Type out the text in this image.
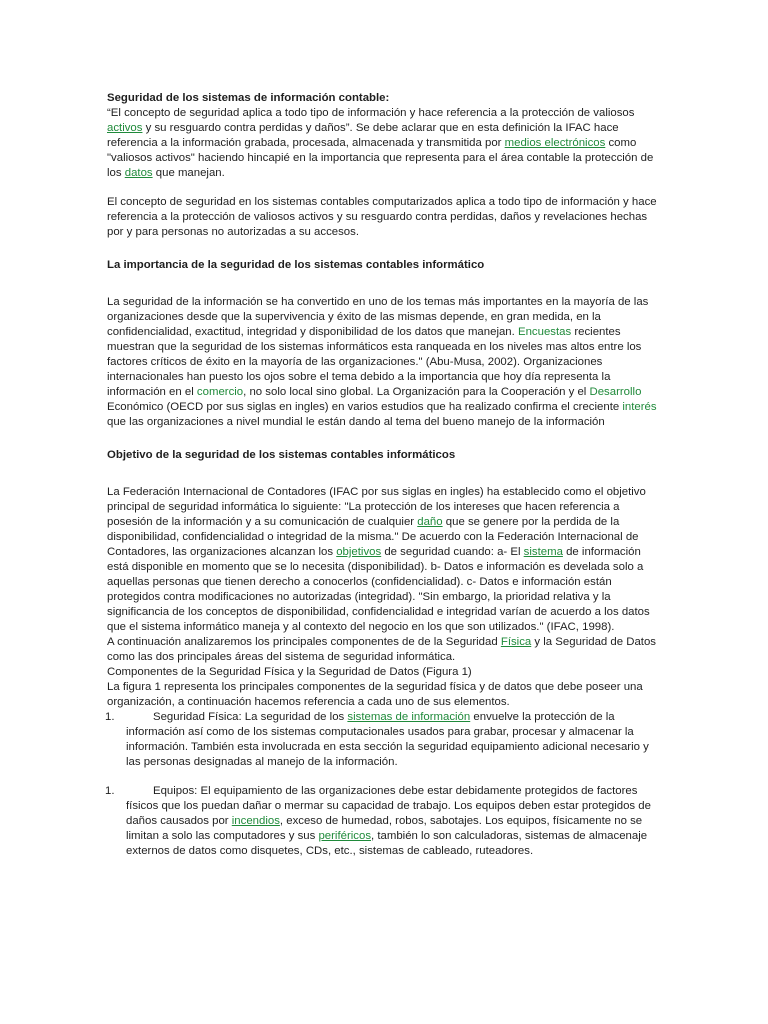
Seguridad de los sistemas de información contable:

“El concepto de seguridad aplica a todo tipo de información y hace referencia a la protección de valiosos activos y su resguardo contra perdidas y daños”. Se debe aclarar que en esta definición la IFAC hace referencia a la información grabada, procesada, almacenada y transmitida por medios electrónicos como "valiosos activos" haciendo hincapié en la importancia que representa para el área contable la protección de los datos que manejan.

El concepto de seguridad en los sistemas contables computarizados aplica a todo tipo de información y hace referencia a la protección de valiosos activos y su resguardo contra perdidas, daños y revelaciones hechas por y para personas no autorizadas a su accesos.

La importancia de la seguridad de los sistemas contables informático

La seguridad de la información se ha convertido en uno de los temas más importantes en la mayoría de las organizaciones desde que la supervivencia y éxito de las mismas depende, en gran medida, en la confidencialidad, exactitud, integridad y disponibilidad de los datos que manejan. Encuestas recientes muestran que la seguridad de los sistemas informáticos esta ranqueada en los niveles mas altos entre los factores críticos de éxito en la mayoría de las organizaciones." (Abu-Musa, 2002). Organizaciones internacionales han puesto los ojos sobre el tema debido a la importancia que hoy día representa la información en el comercio, no solo local sino global. La Organización para la Cooperación y el Desarrollo Económico (OECD por sus siglas en ingles) en varios estudios que ha realizado confirma el creciente interés que las organizaciones a nivel mundial le están dando al tema del bueno manejo de la información

Objetivo de la seguridad de los sistemas contables informáticos

La Federación Internacional de Contadores (IFAC por sus siglas en ingles) ha establecido como el objetivo principal de seguridad informática lo siguiente: "La protección de los intereses que hacen referencia a posesión de la información y a su comunicación de cualquier daño que se genere por la perdida de la disponibilidad, confidencialidad o integridad de la misma." De acuerdo con la Federación Internacional de Contadores, las organizaciones alcanzan los objetivos de seguridad cuando: a- El sistema de información está disponible en momento que se lo necesita (disponibilidad). b- Datos e información es develada solo a aquellas personas que tienen derecho a conocerlos (confidencialidad). c- Datos e información están protegidos contra modificaciones no autorizadas (integridad). "Sin embargo, la prioridad relativa y la significancia de los conceptos de disponibilidad, confidencialidad e integridad varían de acuerdo a los datos que el sistema informático maneja y al contexto del negocio en los que son utilizados." (IFAC, 1998).

A continuación analizaremos los principales componentes de de la Seguridad Física y la Seguridad de Datos como las dos principales áreas del sistema de seguridad informática.

Componentes de la Seguridad Física y la Seguridad de Datos (Figura 1)

La figura 1 representa los principales componentes de la seguridad física y de datos que debe poseer una organización, a continuación hacemos referencia a cada uno de sus elementos.

1.	Seguridad Física: La seguridad de los sistemas de información envuelve la protección de la información así como de los sistemas computacionales usados para grabar, procesar y almacenar la información. También esta involucrada en esta sección la seguridad equipamiento adicional necesario y las personas designadas al manejo de la información.
1.	Equipos: El equipamiento de las organizaciones debe estar debidamente protegidos de factores físicos que los puedan dañar o mermar su capacidad de trabajo. Los equipos deben estar protegidos de daños causados por incendios, exceso de humedad, robos, sabotajes. Los equipos, físicamente no se limitan a solo las computadores y sus periféricos, también lo son calculadoras, sistemas de almacenaje externos de datos como disquetes, CDs, etc., sistemas de cableado, ruteadores.
